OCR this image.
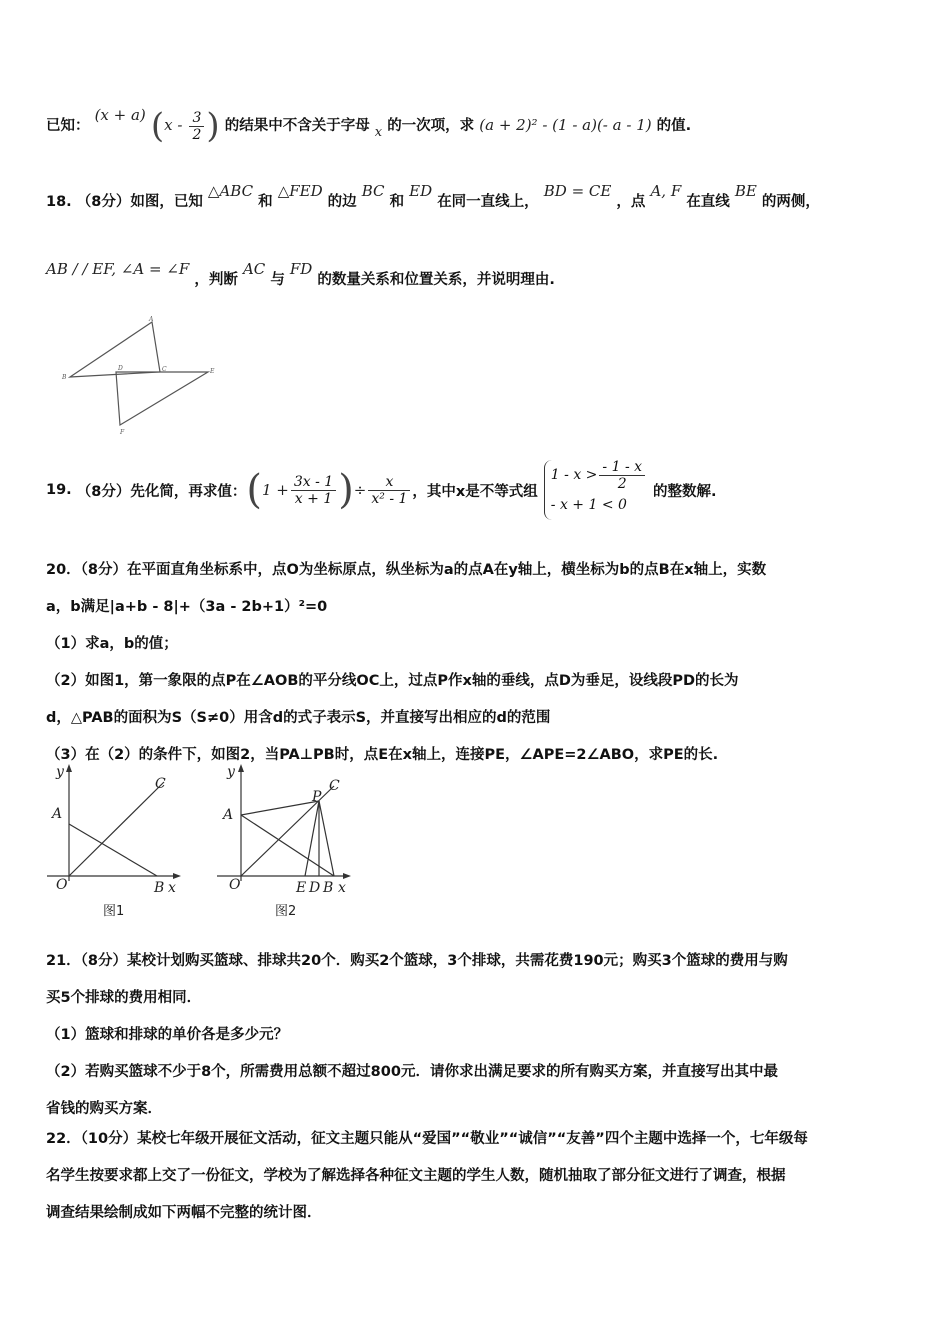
已知： (x + a) ($x - \frac{3}{2}$ ) 的结果中不含关于字母 x 的一次项，求 (a + 2)² - (1 - a)(- a - 1) 的值.
18. （8分）如图，已知 △ABC 和 △FED 的边 BC 和 ED 在同一直线上， BD = CE ，点 A, F 在直线 BE 的两侧，
AB / / EF, ∠A = ∠F ，判断 AC 与 FD 的数量关系和位置关系，并说明理由.
A
B
C
D	E
F
19.
（8分）先化简，再求值： ( $1 + \frac{3x - 1}{x + 1}$ ) ÷ $\frac{x}{\text{x² - 1}}$ ，其中x是不等式组
$1 - x > \frac{- 1 - x}{2}$
- x + 1 < 0
的整数解.
20．（8分）在平面直角坐标系中，点O为坐标原点，纵坐标为a的点A在y轴上，横坐标为b的点B在x轴上，实数
a，b满足|a+b - 8|+（3a - 2b+1）²=0
（1）求a，b的值；
（2）如图1，第一象限的点P在∠AOB的平分线OC上，过点P作x轴的垂线，点D为垂足，设线段PD的长为
d，△PAB的面积为S（S≠0）用含d的式子表示S，并直接写出相应的d的范围
（3）在（2）的条件下，如图2，当PA⊥PB时，点E在x轴上，连接PE，∠APE=2∠ABO，求PE的长.
y
A
C
O	B x
图1
y
A
P
C
O	E D B x
图2
21．（8分）某校计划购买篮球、排球共20个．购买2个篮球，3个排球，共需花费190元；购买3个篮球的费用与购
买5个排球的费用相同．
（1）篮球和排球的单价各是多少元？
（2）若购买篮球不少于8个，所需费用总额不超过800元．请你求出满足要求的所有购买方案，并直接写出其中最
省钱的购买方案．
22．（10分）某校七年级开展征文活动，征文主题只能从“爱国”“敬业”“诚信”“友善”四个主题中选择一个，七年级每
名学生按要求都上交了一份征文，学校为了解选择各种征文主题的学生人数，随机抽取了部分征文进行了调查，根据
调查结果绘制成如下两幅不完整的统计图．
